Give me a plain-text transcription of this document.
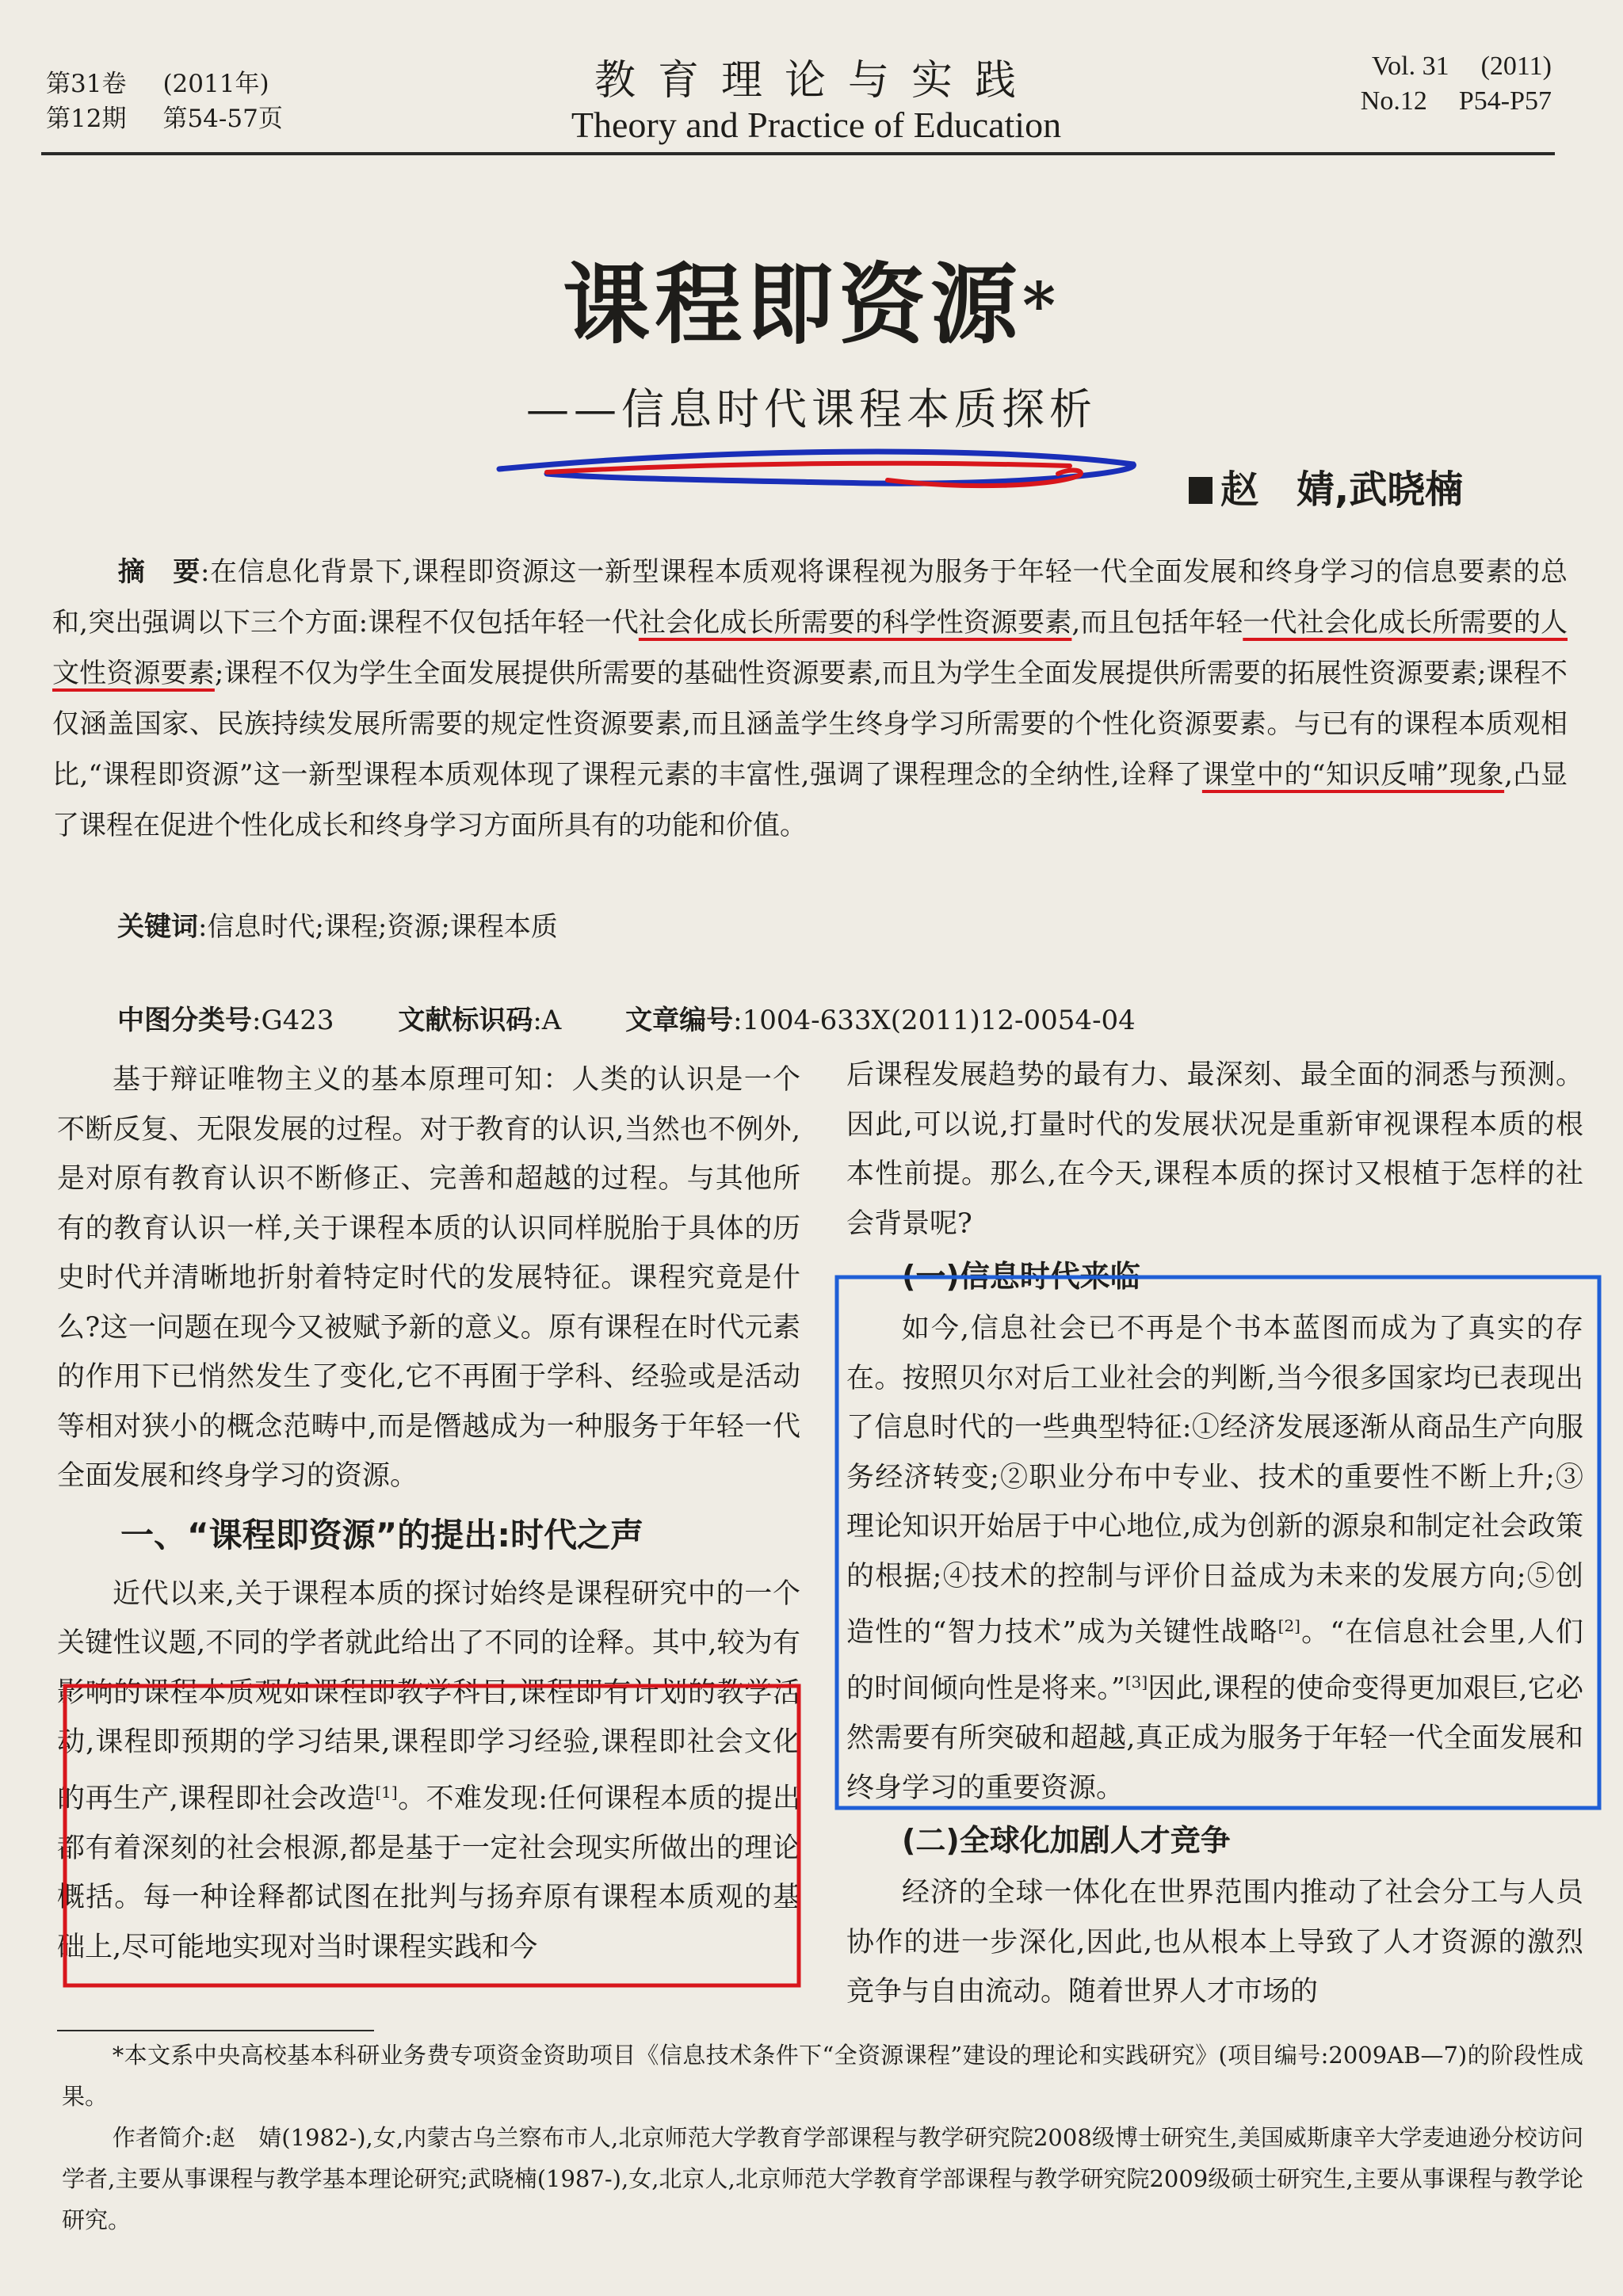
第31卷 (2011年)
第12期 第54-57页
教育理论与实践
Theory and Practice of Education
Vol. 31 (2011)
No.12 P54-P57
课程即资源*
——信息时代课程本质探析
赵　婧,武晓楠
摘　要:在信息化背景下,课程即资源这一新型课程本质观将课程视为服务于年轻一代全面发展和终身学习的信息要素的总和,突出强调以下三个方面:课程不仅包括年轻一代社会化成长所需要的科学性资源要素,而且包括年轻一代社会化成长所需要的人文性资源要素;课程不仅为学生全面发展提供所需要的基础性资源要素,而且为学生全面发展提供所需要的拓展性资源要素;课程不仅涵盖国家、民族持续发展所需要的规定性资源要素,而且涵盖学生终身学习所需要的个性化资源要素。与已有的课程本质观相比,“课程即资源”这一新型课程本质观体现了课程元素的丰富性,强调了课程理念的全纳性,诠释了课堂中的“知识反哺”现象,凸显了课程在促进个性化成长和终身学习方面所具有的功能和价值。
关键词:信息时代;课程;资源;课程本质
中图分类号:G423 文献标识码:A 文章编号:1004-633X(2011)12-0054-04

基于辩证唯物主义的基本原理可知：人类的认识是一个不断反复、无限发展的过程。对于教育的认识,当然也不例外,是对原有教育认识不断修正、完善和超越的过程。与其他所有的教育认识一样,关于课程本质的认识同样脱胎于具体的历史时代并清晰地折射着特定时代的发展特征。课程究竟是什么?这一问题在现今又被赋予新的意义。原有课程在时代元素的作用下已悄然发生了变化,它不再囿于学科、经验或是活动等相对狭小的概念范畴中,而是僭越成为一种服务于年轻一代全面发展和终身学习的资源。

一、“课程即资源”的提出:时代之声

近代以来,关于课程本质的探讨始终是课程研究中的一个关键性议题,不同的学者就此给出了不同的诠释。其中,较为有影响的课程本质观如课程即教学科目,课程即有计划的教学活动,课程即预期的学习结果,课程即学习经验,课程即社会文化的再生产,课程即社会改造[1]。不难发现:任何课程本质的提出都有着深刻的社会根源,都是基于一定社会现实所做出的理论概括。每一种诠释都试图在批判与扬弃原有课程本质观的基础上,尽可能地实现对当时课程实践和今

后课程发展趋势的最有力、最深刻、最全面的洞悉与预测。因此,可以说,打量时代的发展状况是重新审视课程本质的根本性前提。那么,在今天,课程本质的探讨又根植于怎样的社会背景呢?

(一)信息时代来临

如今,信息社会已不再是个书本蓝图而成为了真实的存在。按照贝尔对后工业社会的判断,当今很多国家均已表现出了信息时代的一些典型特征:①经济发展逐渐从商品生产向服务经济转变;②职业分布中专业、技术的重要性不断上升;③理论知识开始居于中心地位,成为创新的源泉和制定社会政策的根据;④技术的控制与评价日益成为未来的发展方向;⑤创造性的“智力技术”成为关键性战略[2]。“在信息社会里,人们的时间倾向性是将来。”[3]因此,课程的使命变得更加艰巨,它必然需要有所突破和超越,真正成为服务于年轻一代全面发展和终身学习的重要资源。

(二)全球化加剧人才竞争

经济的全球一体化在世界范围内推动了社会分工与人员协作的进一步深化,因此,也从根本上导致了人才资源的激烈竞争与自由流动。随着世界人才市场的

*本文系中央高校基本科研业务费专项资金资助项目《信息技术条件下“全资源课程”建设的理论和实践研究》(项目编号:2009AB—7)的阶段性成果。

作者简介:赵　婧(1982-),女,内蒙古乌兰察布市人,北京师范大学教育学部课程与教学研究院2008级博士研究生,美国威斯康辛大学麦迪逊分校访问学者,主要从事课程与教学基本理论研究;武晓楠(1987-),女,北京人,北京师范大学教育学部课程与教学研究院2009级硕士研究生,主要从事课程与教学论研究。
